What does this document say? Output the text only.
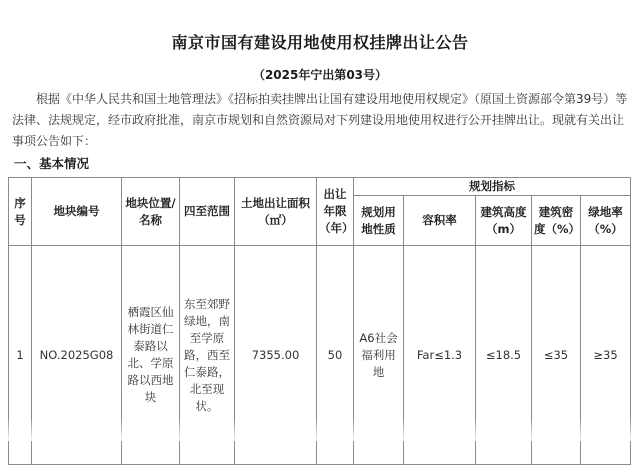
南京市国有建设用地使用权挂牌出让公告
（2025年宁出第03号）
根据《中华人民共和国土地管理法》《招标拍卖挂牌出让国有建设用地使用权规定》（原国土资源部令第39号）等法律、法规规定，经市政府批准，南京市规划和自然资源局对下列建设用地使用权进行公开挂牌出让。现就有关出让事项公告如下：
一、基本情况
序号	地块编号	地块位置/名称	四至范围	土地出让面积（㎡）	出让年限（年）	规划指标				
						规划用地性质	容积率	建筑高度（m）	建筑密度（%）	绿地率（%）
1	NO.2025G08	栖霞区仙林街道仁泰路以北、学原路以西地块	东至郊野绿地，南至学原路，西至仁泰路，北至现状。	7355.00	50	A6社会福利用地	Far≤1.3	≤18.5	≤35	≥35
